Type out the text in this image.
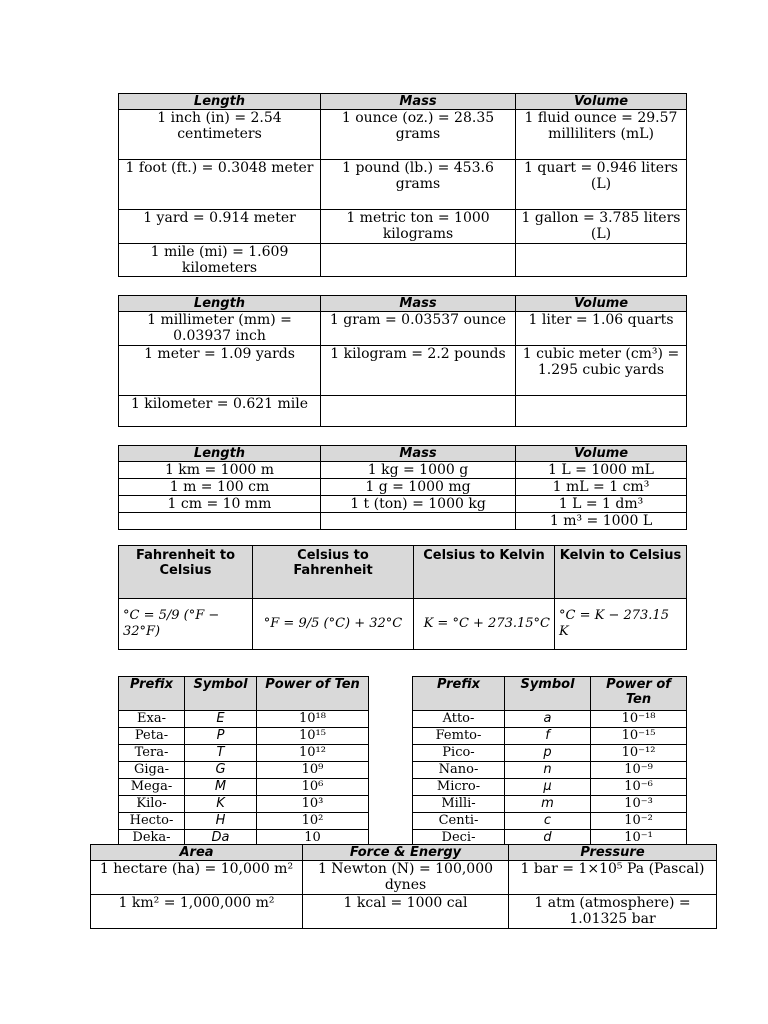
Length	Mass	Volume
1 inch (in) = 2.54 centimeters	1 ounce (oz.) = 28.35 grams	1 fluid ounce = 29.57 milliliters (mL)
1 foot (ft.) = 0.3048 meter	1 pound (lb.) = 453.6 grams	1 quart = 0.946 liters (L)
1 yard = 0.914 meter	1 metric ton = 1000 kilograms	1 gallon = 3.785 liters (L)
1 mile (mi) = 1.609 kilometers		
Length	Mass	Volume
1 millimeter (mm) = 0.03937 inch	1 gram = 0.03537 ounce	1 liter = 1.06 quarts
1 meter = 1.09 yards	1 kilogram = 2.2 pounds	1 cubic meter (cm³) = 1.295 cubic yards
1 kilometer = 0.621 mile		
Length	Mass	Volume
1 km = 1000 m	1 kg = 1000 g	1 L = 1000 mL
1 m = 100 cm	1 g = 1000 mg	1 mL = 1 cm³
1 cm = 10 mm	1 t (ton) = 1000 kg	1 L = 1 dm³
		1 m³ = 1000 L
Fahrenheit to Celsius	Celsius to Fahrenheit	Celsius to Kelvin	Kelvin to Celsius
°C = 5/9 (°F − 32°F)	°F = 9/5 (°C) + 32°C	K = °C + 273.15°C	°C = K − 273.15 K
Prefix	Symbol	Power of Ten
Exa-	E	10¹⁸
Peta-	P	10¹⁵
Tera-	T	10¹²
Giga-	G	10⁹
Mega-	M	10⁶
Kilo-	K	10³
Hecto-	H	10²
Deka-	Da	10
Prefix	Symbol	Power of Ten
Atto-	a	10⁻¹⁸
Femto-	f	10⁻¹⁵
Pico-	p	10⁻¹²
Nano-	n	10⁻⁹
Micro-	μ	10⁻⁶
Milli-	m	10⁻³
Centi-	c	10⁻²
Deci-	d	10⁻¹
Area	Force & Energy	Pressure
1 hectare (ha) = 10,000 m²	1 Newton (N) = 100,000 dynes	1 bar = 1×10⁵ Pa (Pascal)
1 km² = 1,000,000 m²	1 kcal = 1000 cal	1 atm (atmosphere) = 1.01325 bar
